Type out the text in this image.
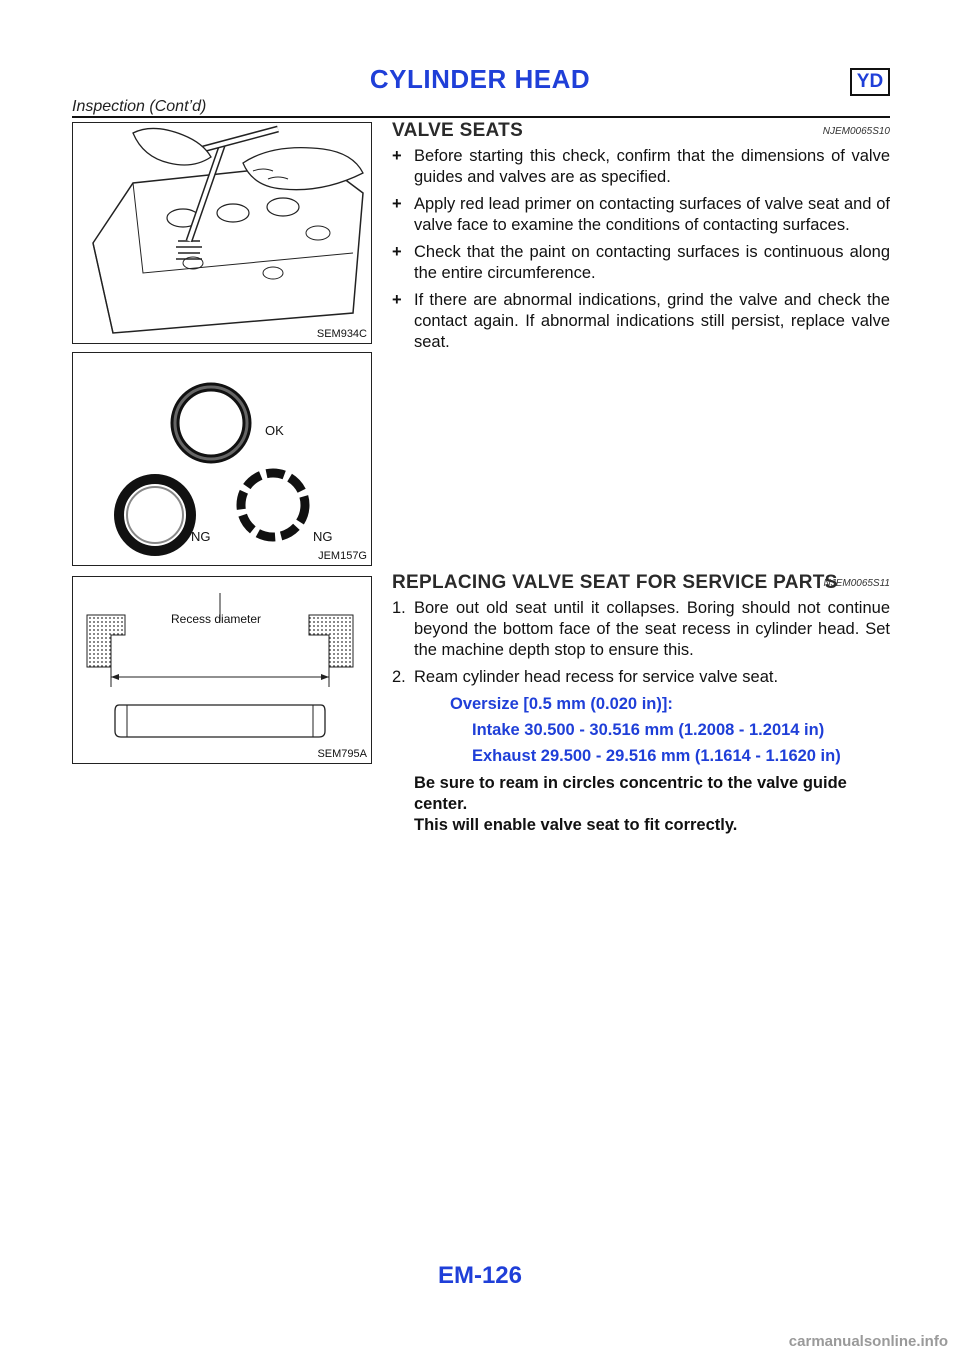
CYLINDER HEAD	YD
Inspection (Cont’d)
SEM934C
OK
NG	NG
JEM157G
Recess diameter
SEM795A
VALVE SEATS	NJEM0065S10
+ Before starting this check, confirm that the dimensions of valve guides and valves are as specified.
+ Apply red lead primer on contacting surfaces of valve seat and of valve face to examine the conditions of contacting surfaces.
+ Check that the paint on contacting surfaces is continuous along the entire circumference.
+ If there are abnormal indications, grind the valve and check the contact again. If abnormal indications still persist, replace valve seat.
REPLACING VALVE SEAT FOR SERVICE PARTS
NJEM0065S11
1. Bore out old seat until it collapses. Boring should not continue beyond the bottom face of the seat recess in cylinder head. Set the machine depth stop to ensure this.
2. Ream cylinder head recess for service valve seat.
Oversize [0.5 mm (0.020 in)]:
Intake 30.500 - 30.516 mm (1.2008 - 1.2014 in)
Exhaust 29.500 - 29.516 mm (1.1614 - 1.1620 in)
Be sure to ream in circles concentric to the valve guide center.
This will enable valve seat to fit correctly.
EM-126
carmanualsonline.info
